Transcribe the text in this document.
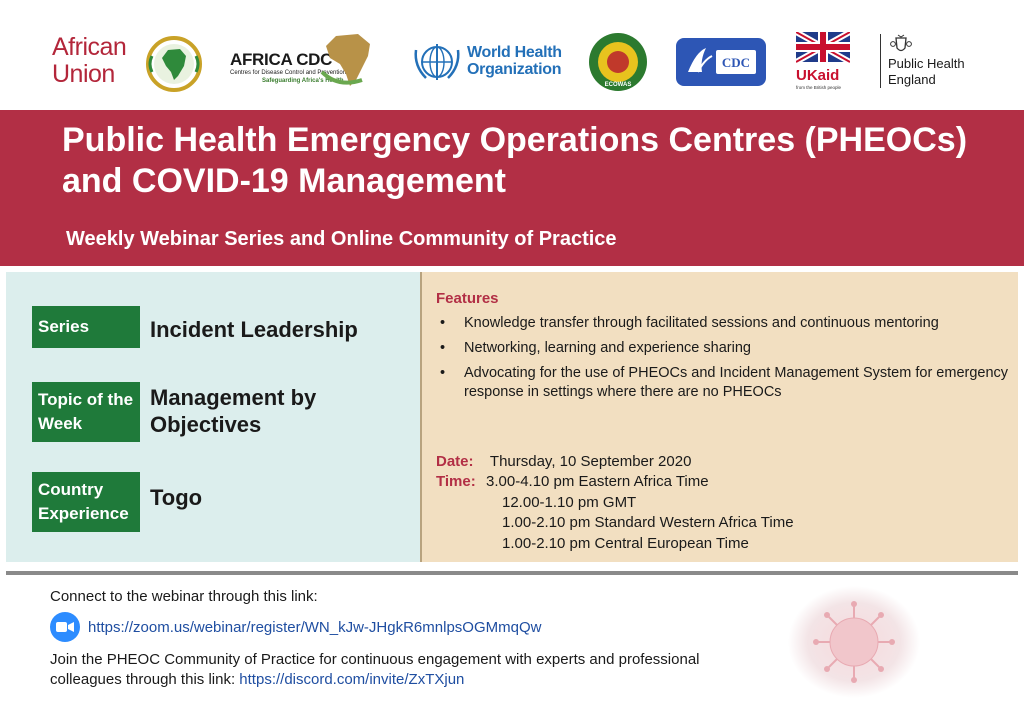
African
Union
AFRICA CDC
Centres for Disease Control and Prevention
Safeguarding Africa's Health
World Health
Organization
ECOWAS
CDC
UKaid
from the British people
Public Health
England
Public Health Emergency Operations Centres (PHEOCs) and COVID-19 Management
Weekly Webinar Series and Online Community of Practice
Series	Incident Leadership
Topic of the Week
Management by Objectives
Country Experience
Togo
Features
• Knowledge transfer through facilitated sessions and continuous mentoring
• Networking, learning and experience sharing
• Advocating for the use of PHEOCs and Incident Management System for emergency response in settings where there are no PHEOCs
Date: Thursday, 10 September 2020
Time: 3.00-4.10 pm Eastern Africa Time
12.00-1.10 pm GMT
1.00-2.10 pm Standard Western Africa Time
1.00-2.10 pm Central European Time
Connect to the webinar through this link:
https://zoom.us/webinar/register/WN_kJw-JHgkR6mnlpsOGMmqQw
Join the PHEOC Community of Practice for continuous engagement with experts and professional colleagues through this link: https://discord.com/invite/ZxTXjun
